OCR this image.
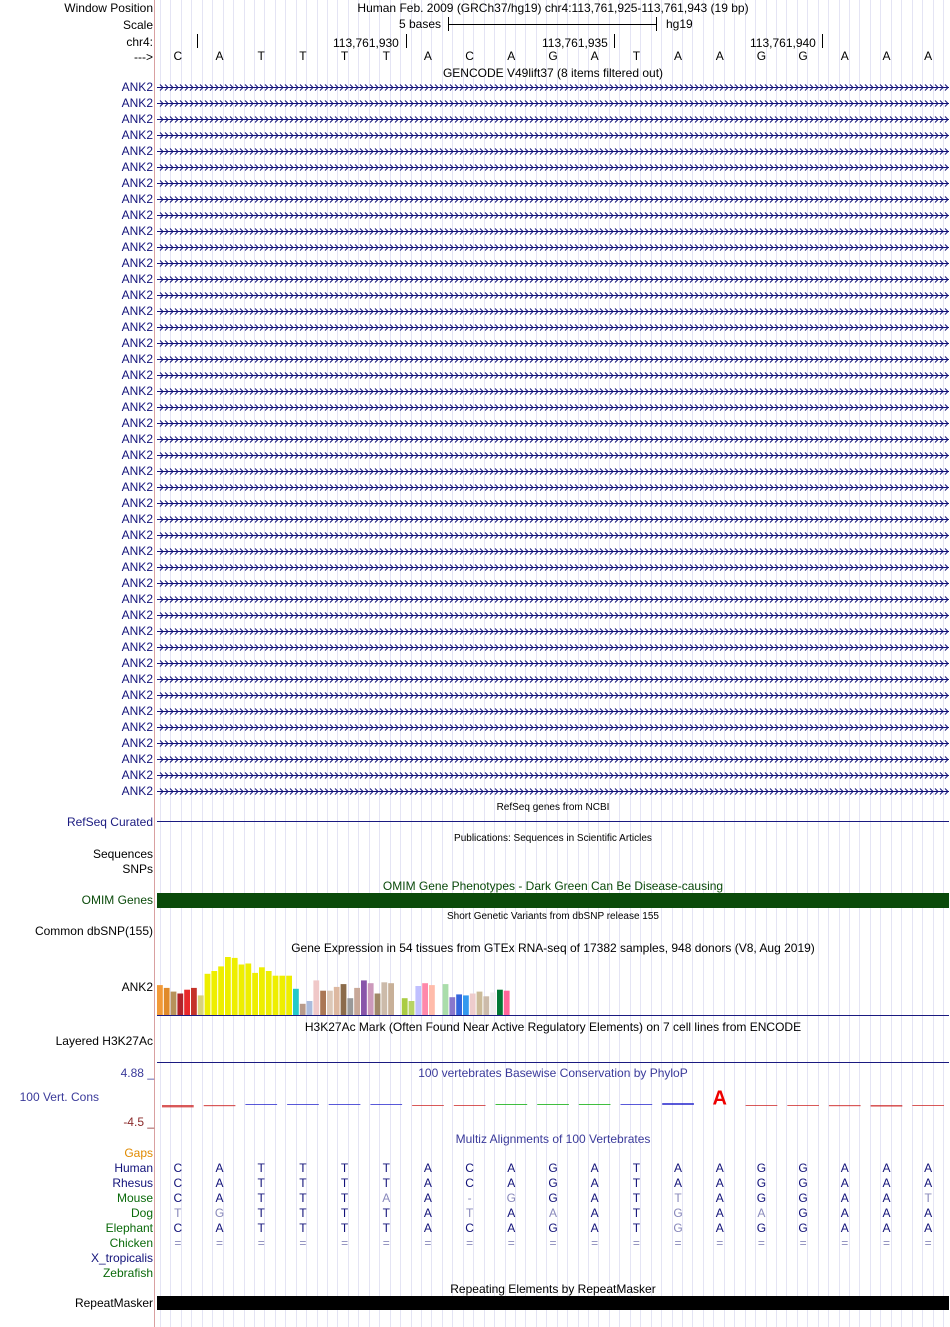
Window Position	Human Feb. 2009 (GRCh37/hg19) chr4:113,761,925-113,761,943 (19 bp)
Scale	5 bases	hg19
chr4:	113,761,930	113,761,935	113,761,940
--->	C	A	T	T	T	T	A	C	A	G	A	T	A	A	G	G	A	A	A
GENCODE V49lift37 (8 items filtered out)
ANK2
ANK2
ANK2
ANK2
ANK2
ANK2
ANK2
ANK2
ANK2
ANK2
ANK2
ANK2
ANK2
ANK2
ANK2
ANK2
ANK2
ANK2
ANK2
ANK2
ANK2
ANK2
ANK2
ANK2
ANK2
ANK2
ANK2
ANK2
ANK2
ANK2
ANK2
ANK2
ANK2
ANK2
ANK2
ANK2
ANK2
ANK2
ANK2
ANK2
ANK2
ANK2
ANK2
ANK2
ANK2
RefSeq genes from NCBI
RefSeq Curated
Publications: Sequences in Scientific Articles
Sequences
SNPs
OMIM Gene Phenotypes - Dark Green Can Be Disease-causing
OMIM Genes
Short Genetic Variants from dbSNP release 155
Common dbSNP(155)
Gene Expression in 54 tissues from GTEx RNA-seq of 17382 samples, 948 donors (V8, Aug 2019)
ANK2
H3K27Ac Mark (Often Found Near Active Regulatory Elements) on 7 cell lines from ENCODE
Layered H3K27Ac
100 vertebrates Basewise Conservation by PhyloP
4.88 _
100 Vert. Cons
-4.5 _
A
Multiz Alignments of 100 Vertebrates
Gaps
Human	C	A	T	T	T	T	A	C	A	G	A	T	A	A	G	G	A	A	A
Rhesus	C	A	T	T	T	T	A	C	A	G	A	T	A	A	G	G	A	A	A
Mouse	C	A	T	T	T	A	A	-	G	G	A	T	T	A	G	G	A	A	T
Dog	T	G	T	T	T	T	A	T	A	A	A	T	G	A	A	G	A	A	A
Elephant	C	A	T	T	T	T	A	C	A	G	A	T	G	A	G	G	A	A	A
Chicken	=	=	=	=	=	=	=	=	=	=	=	=	=	=	=	=	=	=	=
X_tropicalis
Zebrafish
Repeating Elements by RepeatMasker
RepeatMasker
